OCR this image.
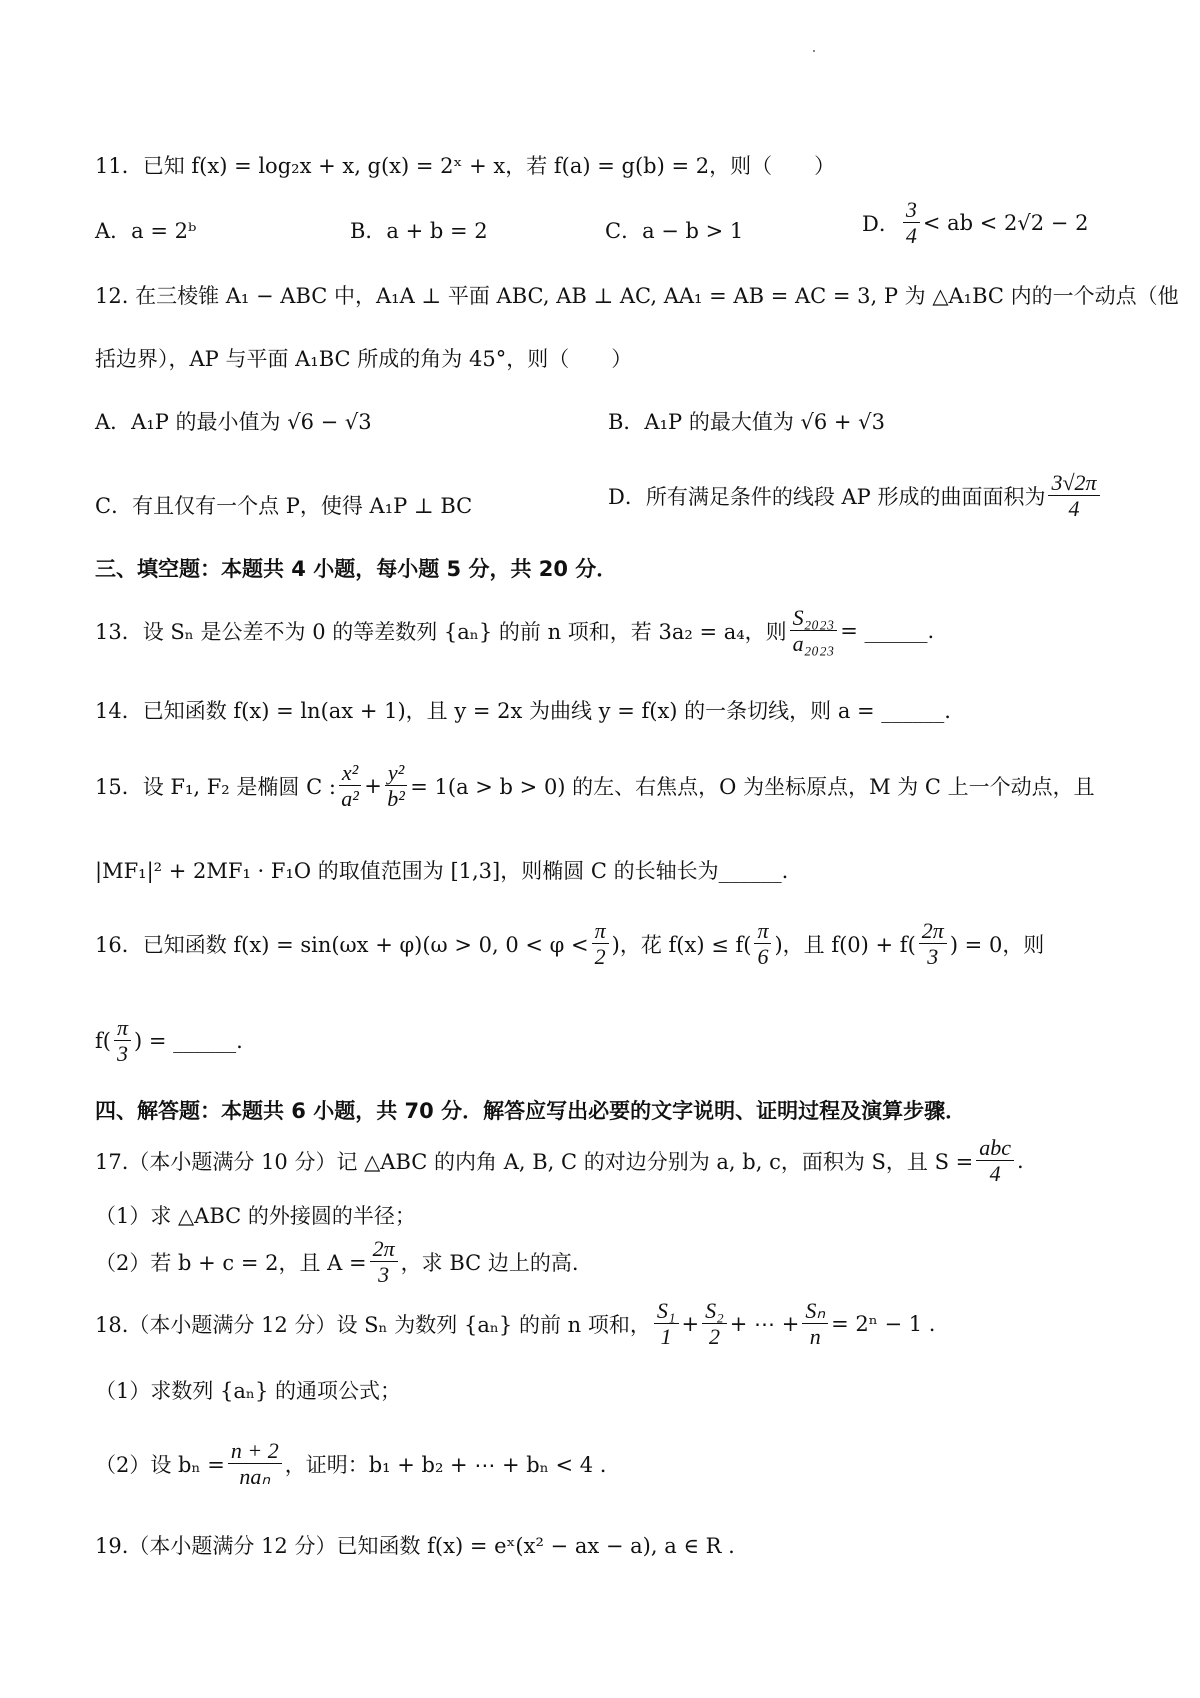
11．已知 f(x) = log₂x + x, g(x) = 2ˣ + x，若 f(a) = g(b) = 2，则（　　）
A．a = 2ᵇ	B．a + b = 2	C．a − b > 1	D． $\frac{3}{4}$ < ab < 2√2 − 2
12. 在三棱锥 A₁ − ABC 中，A₁A ⊥ 平面 ABC, AB ⊥ AC, AA₁ = AB = AC = 3, P 为 △A₁BC 内的一个动点（他
括边界），AP 与平面 A₁BC 所成的角为 45°，则（　　）
A．A₁P 的最小值为 √6 − √3	B．A₁P 的最大值为 √6 + √3
C．有且仅有一个点 P，使得 A₁P ⊥ BC	D．所有满足条件的线段 AP 形成的曲面面积为 $\frac{3√2\pi}{4}$
三、填空题：本题共 4 小题，每小题 5 分，共 20 分．
13．设 Sₙ 是公差不为 0 的等差数列 {aₙ} 的前 n 项和，若 3a₂ = a₄，则 $\frac{\text{S₂₀₂₃}}{\text{a₂₀₂₃}}$ = ______.
14．已知函数 f(x) = ln(ax + 1)，且 y = 2x 为曲线 y = f(x) 的一条切线，则 a = ______.
15．设 F₁, F₂ 是椭圆 C : $\frac{\text{x²}}{\text{a²}} + \frac{\text{y²}}{\text{b²}} = 1(a > b > 0)$ 的左、右焦点，O 为坐标原点，M 为 C 上一个动点，且
|MF₁|² + 2MF₁ · F₁O 的取值范围为 [1,3]，则椭圆 C 的长轴长为______.
16．已知函数 f(x) = sin(ωx + φ)(ω > 0, $0 < \varphi < \frac{\pi}{2}$ )，花 $f(x) \le f( \frac{\pi}{6}$ )，且 $f(0) + f( \frac{2\pi}{3}$ ) = 0，则
$f( \frac{\pi}{3}$ ) = ______.
四、解答题：本题共 6 小题，共 70 分．解答应写出必要的文字说明、证明过程及演算步骤．
17.（本小题满分 10 分）记 △ABC 的内角 A, B, C 的对边分别为 a, b, c，面积为 S，且 $S = \frac{\text{abc}}{4}$ .
（1）求 △ABC 的外接圆的半径；
（2）若 b + c = 2，且 $A = \frac{2\pi}{3}$ ，求 BC 边上的高.
18.（本小题满分 12 分）设 Sₙ 为数列 {aₙ} 的前 n 项和， $\frac{\text{S₁}}{1} + \frac{\text{S₂}}{2}$ + ⋯ + $\frac{\text{Sₙ}}{n} = 2^n - 1$ .
（1）求数列 {aₙ} 的通项公式；
（2）设 $b_n = \frac{n + 2}{\text{naₙ}}$ ，证明：b₁ + b₂ + ⋯ + bₙ < 4 .
19.（本小题满分 12 分）已知函数 f(x) = eˣ(x² − ax − a), a ∈ R .
